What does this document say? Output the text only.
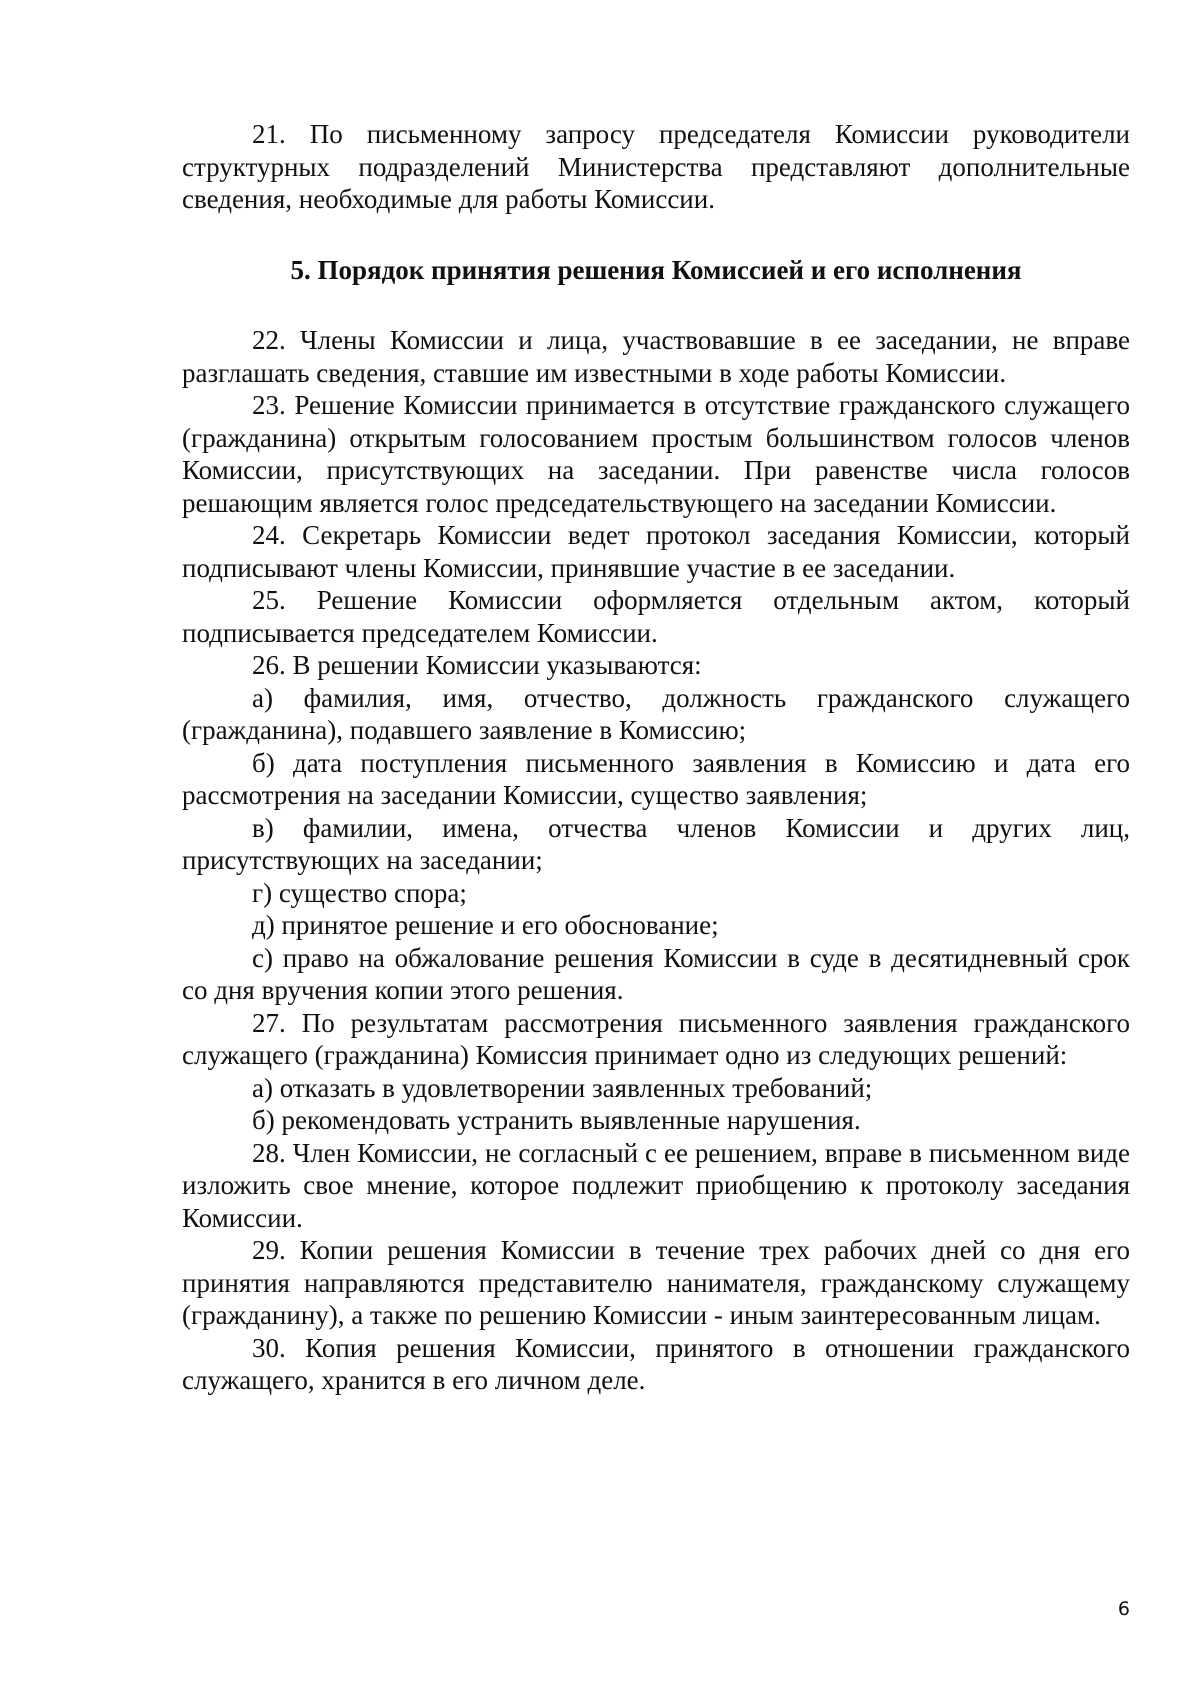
21. По письменному запросу председателя Комиссии руководители структурных подразделений Министерства представляют дополнительные сведения, необходимые для работы Комиссии.

5. Порядок принятия решения Комиссией и его исполнения

22. Члены Комиссии и лица, участвовавшие в ее заседании, не вправе разглашать сведения, ставшие им известными в ходе работы Комиссии.

23. Решение Комиссии принимается в отсутствие гражданского служащего (гражданина) открытым голосованием простым большинством голосов членов Комиссии, присутствующих на заседании. При равенстве числа голосов решающим является голос председательствующего на заседании Комиссии.

24. Секретарь Комиссии ведет протокол заседания Комиссии, который подписывают члены Комиссии, принявшие участие в ее заседании.

25. Решение Комиссии оформляется отдельным актом, который подписывается председателем Комиссии.

26. В решении Комиссии указываются:

а) фамилия, имя, отчество, должность гражданского служащего (гражданина), подавшего заявление в Комиссию;

б) дата поступления письменного заявления в Комиссию и дата его рассмотрения на заседании Комиссии, существо заявления;

в) фамилии, имена, отчества членов Комиссии и других лиц, присутствующих на заседании;

г) существо спора;

д) принятое решение и его обоснование;

с) право на обжалование решения Комиссии в суде в десятидневный срок со дня вручения копии этого решения.

27. По результатам рассмотрения письменного заявления гражданского служащего (гражданина) Комиссия принимает одно из следующих решений:

а) отказать в удовлетворении заявленных требований;

б) рекомендовать устранить выявленные нарушения.

28. Член Комиссии, не согласный с ее решением, вправе в письменном виде изложить свое мнение, которое подлежит приобщению к протоколу заседания Комиссии.

29. Копии решения Комиссии в течение трех рабочих дней со дня его принятия направляются представителю нанимателя, гражданскому служащему (гражданину), а также по решению Комиссии - иным заинтересованным лицам.

30. Копия решения Комиссии, принятого в отношении гражданского служащего, хранится в его личном деле.

6
